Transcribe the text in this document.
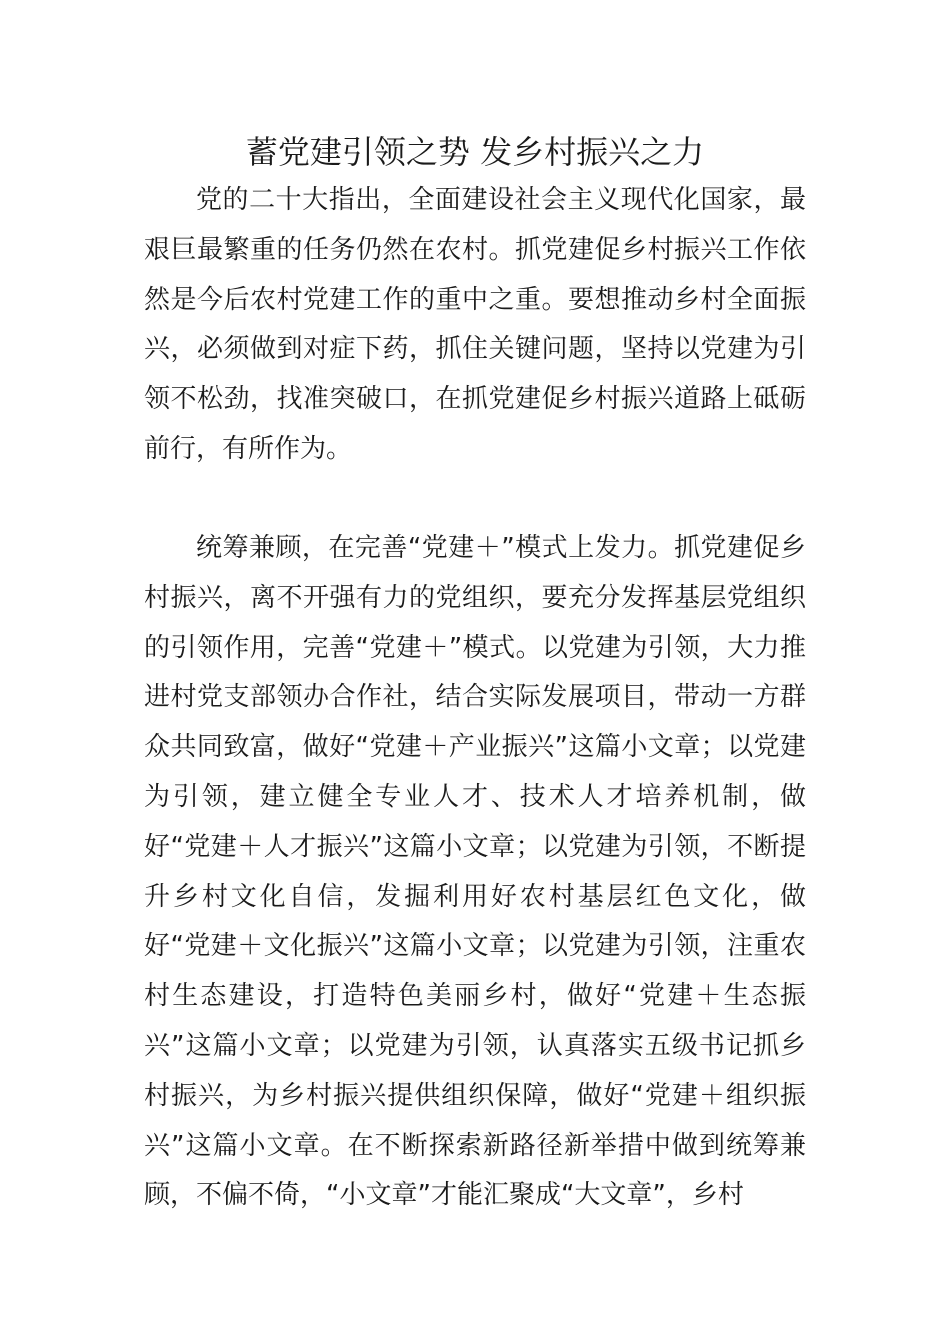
蓄党建引领之势 发乡村振兴之力

党的二十大指出，全面建设社会主义现代化国家，最艰巨最繁重的任务仍然在农村。抓党建促乡村振兴工作依然是今后农村党建工作的重中之重。要想推动乡村全面振兴，必须做到对症下药，抓住关键问题，坚持以党建为引领不松劲，找准突破口，在抓党建促乡村振兴道路上砥砺前行，有所作为。

统筹兼顾，在完善“党建＋”模式上发力。抓党建促乡村振兴，离不开强有力的党组织，要充分发挥基层党组织的引领作用，完善“党建＋”模式。以党建为引领，大力推进村党支部领办合作社，结合实际发展项目，带动一方群众共同致富，做好“党建＋产业振兴”这篇小文章；以党建为引领，建立健全专业人才、技术人才培养机制，做好“党建＋人才振兴”这篇小文章；以党建为引领，不断提升乡村文化自信，发掘利用好农村基层红色文化，做好“党建＋文化振兴”这篇小文章；以党建为引领，注重农村生态建设，打造特色美丽乡村，做好“党建＋生态振兴”这篇小文章；以党建为引领，认真落实五级书记抓乡村振兴，为乡村振兴提供组织保障，做好“党建＋组织振兴”这篇小文章。在不断探索新路径新举措中做到统筹兼顾，不偏不倚，“小文章”才能汇聚成“大文章”，乡村
